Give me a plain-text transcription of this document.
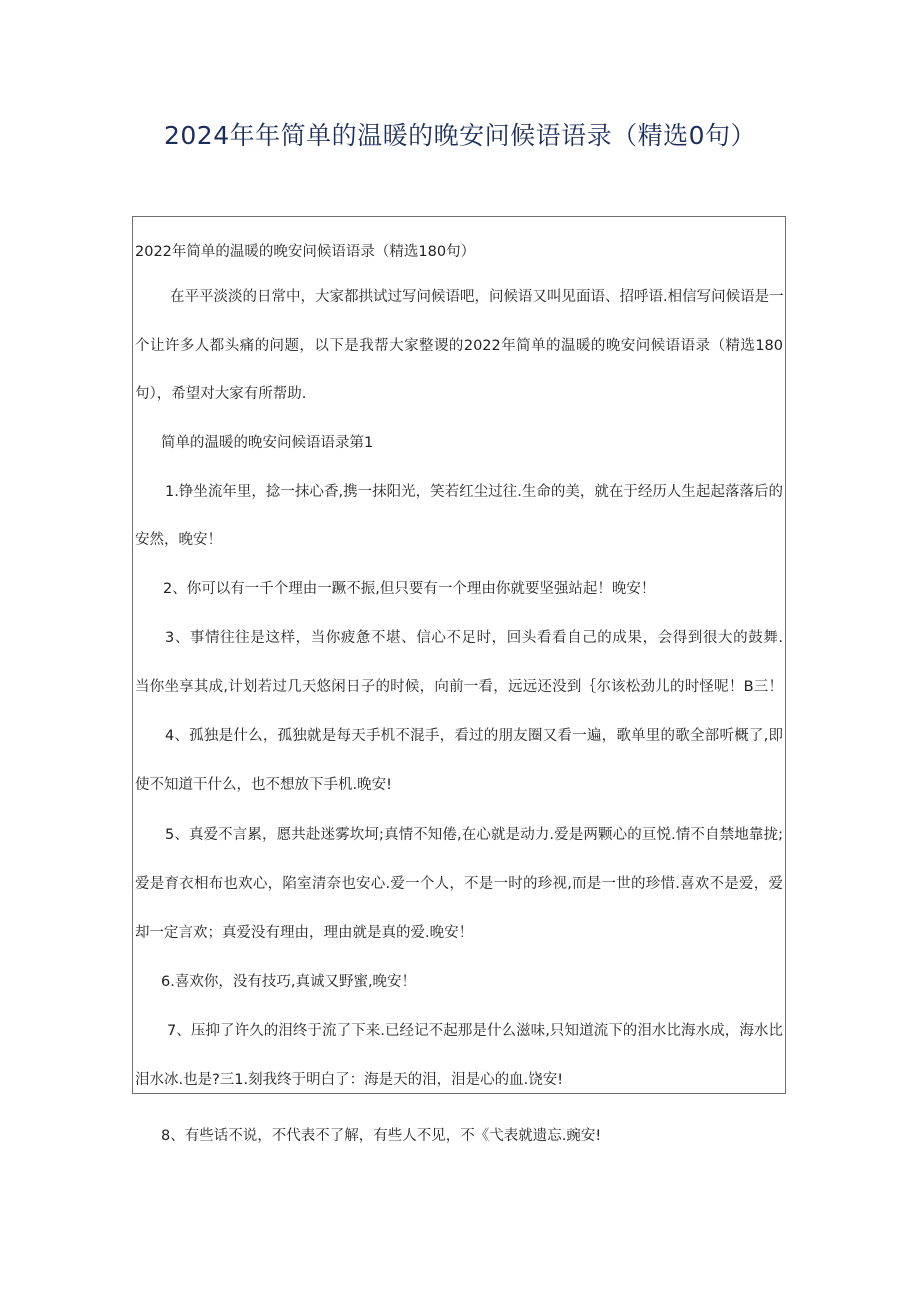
2024年年简单的温暖的晚安问候语语录（精选0句）
2022年简单的温暖的晚安问候语语录（精选180句）
在平平淡淡的日常中，大家都拱试过写问候语吧，问候语又叫见面语、招呼语.相信写问候语是一
个让许多人都头痛的问题，以下是我帮大家整谡的2022年简单的温暖的晚安问候语语录（精选180
句），希望对大家有所帮助.
简单的温暖的晚安问候语语录第1
1.铮坐流年里，捻一抹心香,携一抹阳光，笑若红尘过往.生命的美，就在于经历人生起起落落后的
安然，晚安！
2、你可以有一千个理由一蹶不振,但只要有一个理由你就要坚强站起！晚安！
3、事情往往是这样，当你疲惫不堪、信心不足时，回头看看自己的成果，会得到很大的鼓舞.
当你坐享其成,计划若过几天悠闲日子的时候，向前一看，远远还没到｛尔该松劲儿的时怪呢！B三！
4、孤独是什么，孤独就是每天手机不混手，看过的朋友圈又看一遍，歌单里的歌全部听概了,即
使不知道干什么，也不想放下手机.晚安!
5、真爱不言累，愿共赴迷雾坎坷;真情不知倦,在心就是动力.爱是两颗心的亘悦.情不自禁地靠拢;
爱是育衣相布也欢心，陷室清奈也安心.爱一个人，不是一时的珍视,而是一世的珍惜.喜欢不是爱，爱
却一定言欢；真爱没有理由，理由就是真的爱.晚安！
6.喜欢你，没有技巧,真诚又野蜜,晚安！
7、压抑了许久的泪终于流了下来.已经记不起那是什么滋味,只知道流下的泪水比海水成，海水比
泪水冰.也是?三1.刻我终于明白了：海是天的泪，泪是心的血.饶安!
8、有些话不说，不代表不了解，有些人不见，不《弋表就遗忘.豌安!
